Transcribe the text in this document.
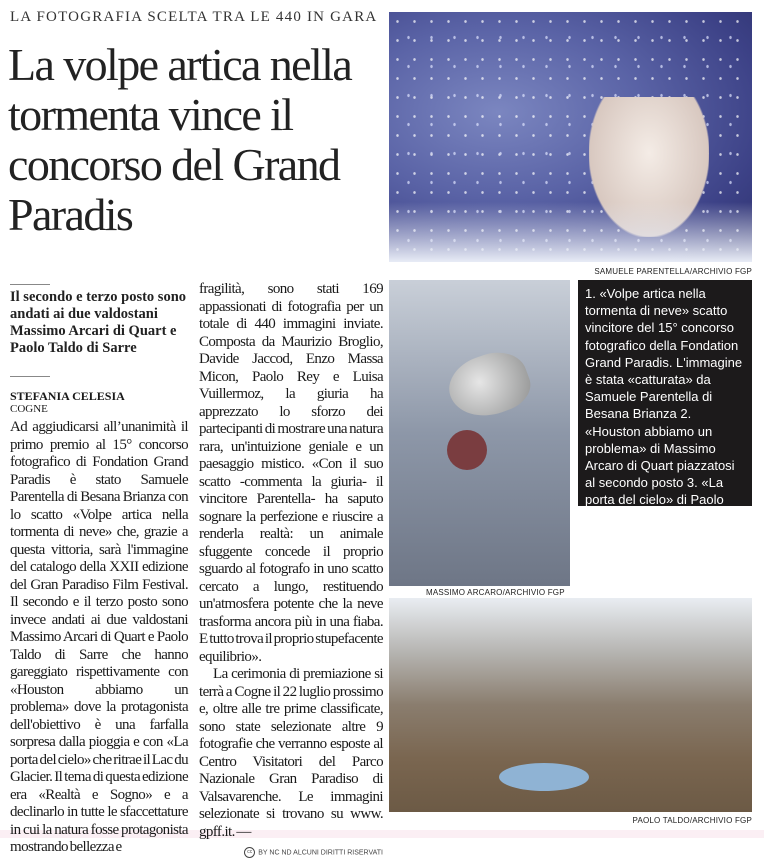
LA FOTOGRAFIA SCELTA TRA LE 440 IN GARA
La volpe artica nella tormenta vince il concorso del Grand Paradis
Il secondo e terzo posto sono andati ai due valdostani Massimo Arcari di Quart e Paolo Taldo di Sarre
STEFANIA CELESIA
COGNE

Ad aggiudicarsi all’unanimità il primo premio al 15° concorso fotografico di Fondation Grand Paradis è stato Samuele Parentella di Besana Brianza con lo scatto «Volpe artica nella tormenta di neve» che, grazie a questa vittoria, sarà l'immagine del catalogo della XXII edizione del Gran Paradiso Film Festival. Il secondo e il terzo posto sono invece andati ai due valdostani Massimo Arcari di Quart e Paolo Taldo di Sarre che hanno gareggiato rispettivamente con «Houston abbiamo un problema» dove la protagonista dell'obiettivo è una farfalla sorpresa dalla pioggia e con «La porta del cielo» che ritrae il Lac du Glacier. Il tema di questa edizione era «Realtà e Sogno» e a declinarlo in tutte le sfaccettature in cui la natura fosse protagonista mostrando bellezza e

fragilità, sono stati 169 appassionati di fotografia per un totale di 440 immagini inviate. Composta da Maurizio Broglio, Davide Jaccod, Enzo Massa Micon, Paolo Rey e Luisa Vuillermoz, la giuria ha apprezzato lo sforzo dei partecipanti di mostrare una natura rara, un'intuizione geniale e un paesaggio mistico. «Con il suo scatto -commenta la giuria- il vincitore Parentella- ha saputo sognare la perfezione e riuscire a renderla realtà: un animale sfuggente concede il proprio sguardo al fotografo in uno scatto cercato a lungo, restituendo un'atmosfera potente che la neve trasforma ancora più in una fiaba. E tutto trova il proprio stupefacente equilibrio».

La cerimonia di premiazione si terrà a Cogne il 22 luglio prossimo e, oltre alle tre prime classificate, sono state selezionate altre 9 fotografie che verranno esposte al Centro Visitatori del Parco Nazionale Gran Paradiso di Valsavarenche. Le immagini selezionate si trovano su www. gpff.it. —

cc BY NC ND ALCUNI DIRITTI RISERVATI
SAMUELE PARENTELLA/ARCHIVIO FGP
MASSIMO ARCARO/ARCHIVIO FGP
1. «Volpe artica nella tormenta di neve» scatto vincitore del 15° concorso fotografico della Fondation Grand Paradis. L'immagine è stata «catturata» da Samuele Parentella di Besana Brianza 2. «Houston abbiamo un problema» di Massimo Arcaro di Quart piazzatosi al secondo posto 3. «La porta del cielo» di Paolo Taldo di Sarre terzo classificato
PAOLO TALDO/ARCHIVIO FGP
